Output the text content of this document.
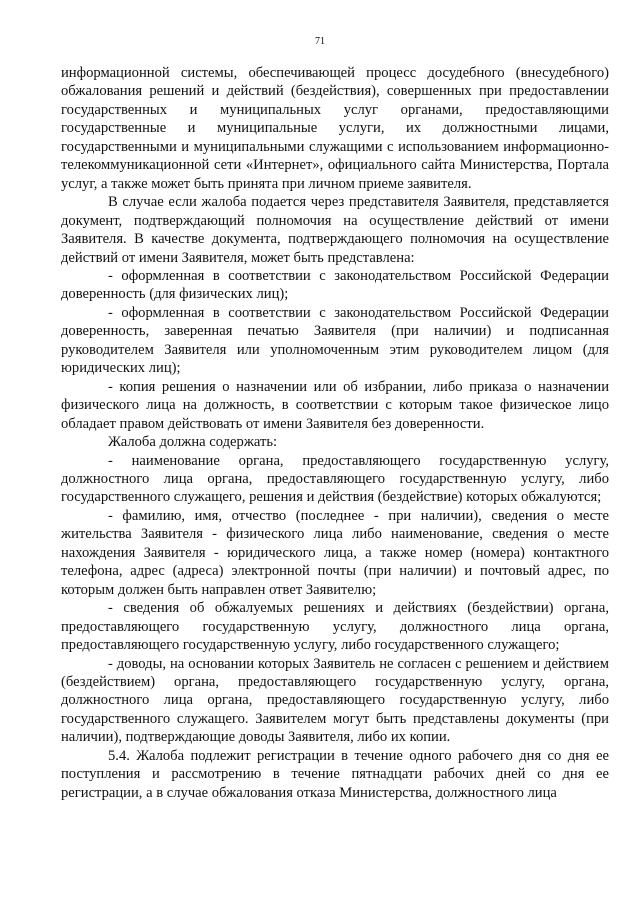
71

информационной системы, обеспечивающей процесс досудебного (внесудебного) обжалования решений и действий (бездействия), совершенных при предоставлении государственных и муниципальных услуг органами, предоставляющими государственные и муниципальные услуги, их должностными лицами, государственными и муниципальными служащими с использованием информационно-телекоммуникационной сети «Интернет», официального сайта Министерства, Портала услуг, а также может быть принята при личном приеме заявителя.

В случае если жалоба подается через представителя Заявителя, представляется документ, подтверждающий полномочия на осуществление действий от имени Заявителя. В качестве документа, подтверждающего полномочия на осуществление действий от имени Заявителя, может быть представлена:

- оформленная в соответствии с законодательством Российской Федерации доверенность (для физических лиц);

- оформленная в соответствии с законодательством Российской Федерации доверенность, заверенная печатью Заявителя (при наличии) и подписанная руководителем Заявителя или уполномоченным этим руководителем лицом (для юридических лиц);

- копия решения о назначении или об избрании, либо приказа о назначении физического лица на должность, в соответствии с которым такое физическое лицо обладает правом действовать от имени Заявителя без доверенности.

Жалоба должна содержать:

- наименование органа, предоставляющего государственную услугу, должностного лица органа, предоставляющего государственную услугу, либо государственного служащего, решения и действия (бездействие) которых обжалуются;

- фамилию, имя, отчество (последнее - при наличии), сведения о месте жительства Заявителя - физического лица либо наименование, сведения о месте нахождения Заявителя - юридического лица, а также номер (номера) контактного телефона, адрес (адреса) электронной почты (при наличии) и почтовый адрес, по которым должен быть направлен ответ Заявителю;

- сведения об обжалуемых решениях и действиях (бездействии) органа, предоставляющего государственную услугу, должностного лица органа, предоставляющего государственную услугу, либо государственного служащего;

- доводы, на основании которых Заявитель не согласен с решением и действием (бездействием) органа, предоставляющего государственную услугу, органа, должностного лица органа, предоставляющего государственную услугу, либо государственного служащего. Заявителем могут быть представлены документы (при наличии), подтверждающие доводы Заявителя, либо их копии.

5.4. Жалоба подлежит регистрации в течение одного рабочего дня со дня ее поступления и рассмотрению в течение пятнадцати рабочих дней со дня ее регистрации, а в случае обжалования отказа Министерства, должностного лица
